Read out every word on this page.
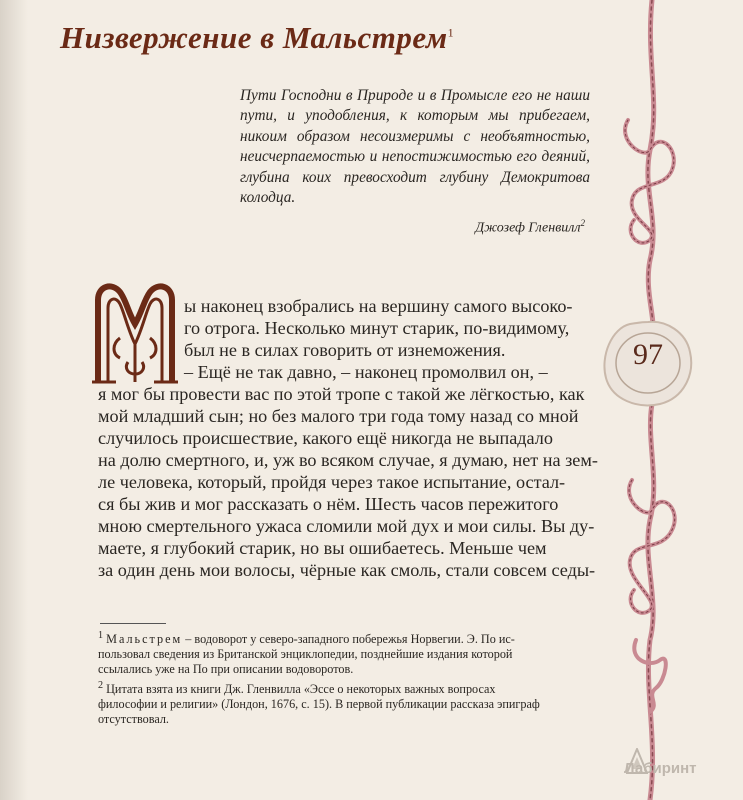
Низвержение в Мальстрем$^1$
Пути Господни в Природе и в Промысле его не наши пути, и уподобления, к которым мы прибегаем, никоим образом несоизмеримы с необъятностью, неисчерпаемостью и непостижимостью его деяний, глубина коих превосходит глубину Демокритова колодца.
Джозеф Гленвилл$^2$
М
ы наконец взобрались на вершину самого высоко-
го отрога. Несколько минут старик, по-видимому,
был не в силах говорить от изнеможения.
– Ещё не так давно, – наконец промолвил он, –
я мог бы провести вас по этой тропе с такой же лёгкостью, как
мой младший сын; но без малого три года тому назад со мной
случилось происшествие, какого ещё никогда не выпадало
на долю смертного, и, уж во всяком случае, я думаю, нет на зем-
ле человека, который, пройдя через такое испытание, остал-
ся бы жив и мог рассказать о нём. Шесть часов пережитого
мною смертельного ужаса сломили мой дух и мои силы. Вы ду-
маете, я глубокий старик, но вы ошибаетесь. Меньше чем
за один день мои волосы, чёрные как смоль, стали совсем седы-
$^1$ Мальстрем – водоворот у северо-западного побережья Норвегии. Э. По ис-
пользовал сведения из Британской энциклопедии, позднейшие издания которой
ссылались уже на По при описании водоворотов.
$^2$ Цитата взята из книги Дж. Гленвилла «Эссе о некоторых важных вопросах
философии и религии» (Лондон, 1676, с. 15). В первой публикации рассказа эпиграф
отсутствовал.
97
Лабиринт
